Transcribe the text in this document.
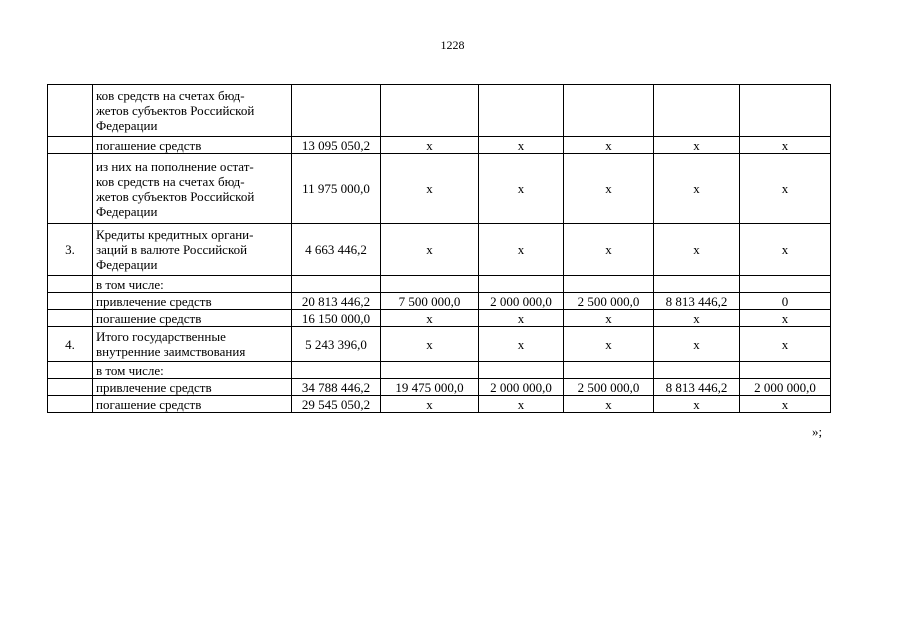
1228
	ков средств на счетах бюд-
жетов субъектов Российской
Федерации						
	погашение средств	13 095 050,2	х	х	х	х	х
	из них на пополнение остат-
ков средств на счетах бюд-
жетов субъектов Российской
Федерации	11 975 000,0	х	х	х	х	х
3.	Кредиты кредитных органи-
заций в валюте Российской
Федерации	4 663 446,2	х	х	х	х	х
	в том числе:						
	привлечение средств	20 813 446,2	7 500 000,0	2 000 000,0	2 500 000,0	8 813 446,2	0
	погашение средств	16 150 000,0	х	х	х	х	х
4.	Итого государственные
внутренние заимствования	5 243 396,0	х	х	х	х	х
	в том числе:						
	привлечение средств	34 788 446,2	19 475 000,0	2 000 000,0	2 500 000,0	8 813 446,2	2 000 000,0
	погашение средств	29 545 050,2	х	х	х	х	х
»;
